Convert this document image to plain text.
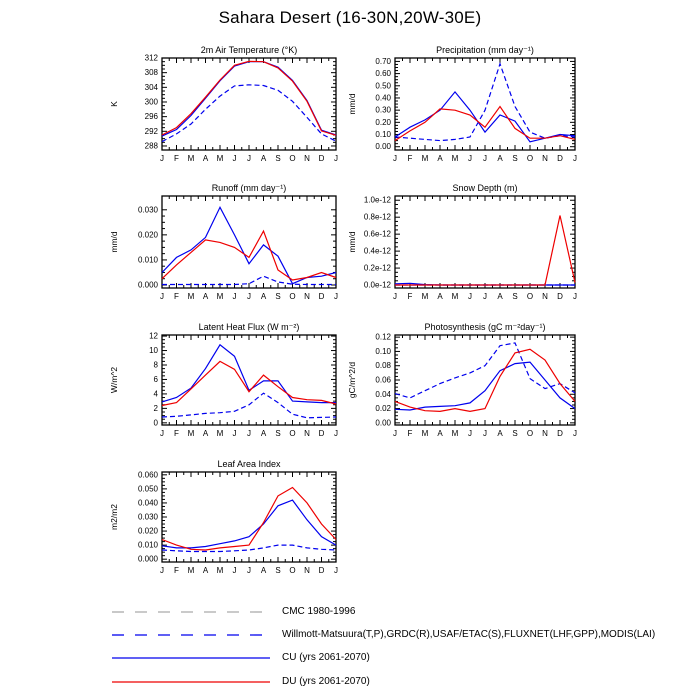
Sahara Desert (16-30N,20W-30E)
288
292
296
300
304
308
312
J F M A M J J A S O N D J
2m Air Temperature (°K)
K
0.00
0.10
0.20
0.30
0.40
0.50
0.60
0.70
J F M A M J J A S O N D J
Precipitation (mm day⁻¹)
mm/d
0.000
0.010
0.020
0.030
J F M A M J J A S O N D J
Runoff (mm day⁻¹)
mm/d
0.0e-12
0.2e-12
0.4e-12
0.6e-12
0.8e-12
1.0e-12
J F M A M J J A S O N D J
Snow Depth (m)
mm/d
0
2
4
6
8
10
12
J F M A M J J A S O N D J
Latent Heat Flux (W m⁻²)
W/m^2
0.00
0.02
0.04
0.06
0.08
0.10
0.12
J F M A M J J A S O N D J
Photosynthesis (gC m⁻²day⁻¹)
gC/m^2/d
0.000
0.010
0.020
0.030
0.040
0.050
0.060
J F M A M J J A S O N D J
Leaf Area Index
m2/m2
CMC 1980-1996
Willmott-Matsuura(T,P),GRDC(R),USAF/ETAC(S),FLUXNET(LHF,GPP),MODIS(LAI)
CU (yrs 2061-2070)
DU (yrs 2061-2070)
